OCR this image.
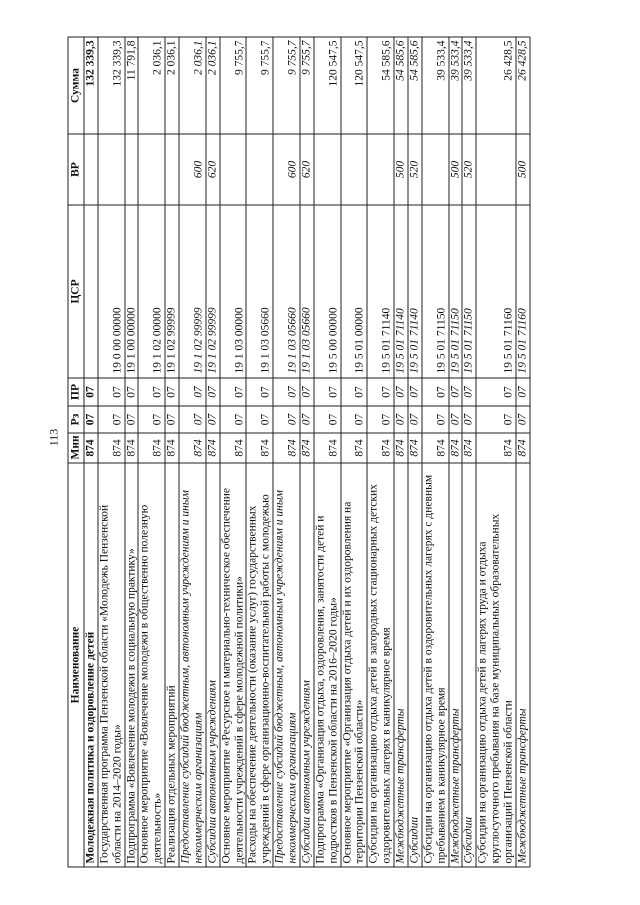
113
Наименование	Мин	Рз	ПР	ЦСР	ВР	Сумма
Молодежная политика и оздоровление детей	874	07	07			132 339,3
Государственная программа Пензенской области «Молодежь Пензенской области на 2014–2020 годы»	874	07	07	19 0 00 00000		132 339,3
Подпрограмма «Вовлечение молодежи в социальную практику»	874	07	07	19 1 00 00000		11 791,8
Основное мероприятие «Вовлечение молодежи в общественно полезную деятельность»	874	07	07	19 1 02 00000		2 036,1
Реализация отдельных мероприятий	874	07	07	19 1 02 99999		2 036,1
Предоставление субсидий бюджетным, автономным учреждениям и иным некоммерческим организациям	874	07	07	19 1 02 99999	600	2 036,1
Субсидии автономным учреждениям	874	07	07	19 1 02 99999	620	2 036,1
Основное мероприятие «Ресурсное и материально-техническое обеспечение деятельности учреждений в сфере молодежной политики»	874	07	07	19 1 03 00000		9 755,7
Расходы на обеспечение деятельности (оказание услуг) государственных учреждений в сфере организационно-воспитательной работы с молодежью	874	07	07	19 1 03 05660		9 755,7
Предоставление субсидий бюджетным, автономным учреждениям и иным некоммерческим организациям	874	07	07	19 1 03 05660	600	9 755,7
Субсидии автономным учреждениям	874	07	07	19 1 03 05660	620	9 755,7
Подпрограмма «Организация отдыха, оздоровления, занятости детей и подростков в Пензенской области на 2016–2020 годы»	874	07	07	19 5 00 00000		120 547,5
Основное мероприятие «Организация отдыха детей и их оздоровления на территории Пензенской области»	874	07	07	19 5 01 00000		120 547,5
Субсидии на организацию отдыха детей в загородных стационарных детских оздоровительных лагерях в каникулярное время	874	07	07	19 5 01 71140		54 585,6
Межбюджетные трансферты	874	07	07	19 5 01 71140	500	54 585,6
Субсидии	874	07	07	19 5 01 71140	520	54 585,6
Субсидии на организацию отдыха детей в оздоровительных лагерях с дневным пребыванием в каникулярное время	874	07	07	19 5 01 71150		39 533,4
Межбюджетные трансферты	874	07	07	19 5 01 71150	500	39 533,4
Субсидии	874	07	07	19 5 01 71150	520	39 533,4
Субсидии на организацию отдыха детей в лагерях труда и отдыха круглосуточного пребывания на базе муниципальных образовательных организаций Пензенской области	874	07	07	19 5 01 71160		26 428,5
Межбюджетные трансферты	874	07	07	19 5 01 71160	500	26 428,5
